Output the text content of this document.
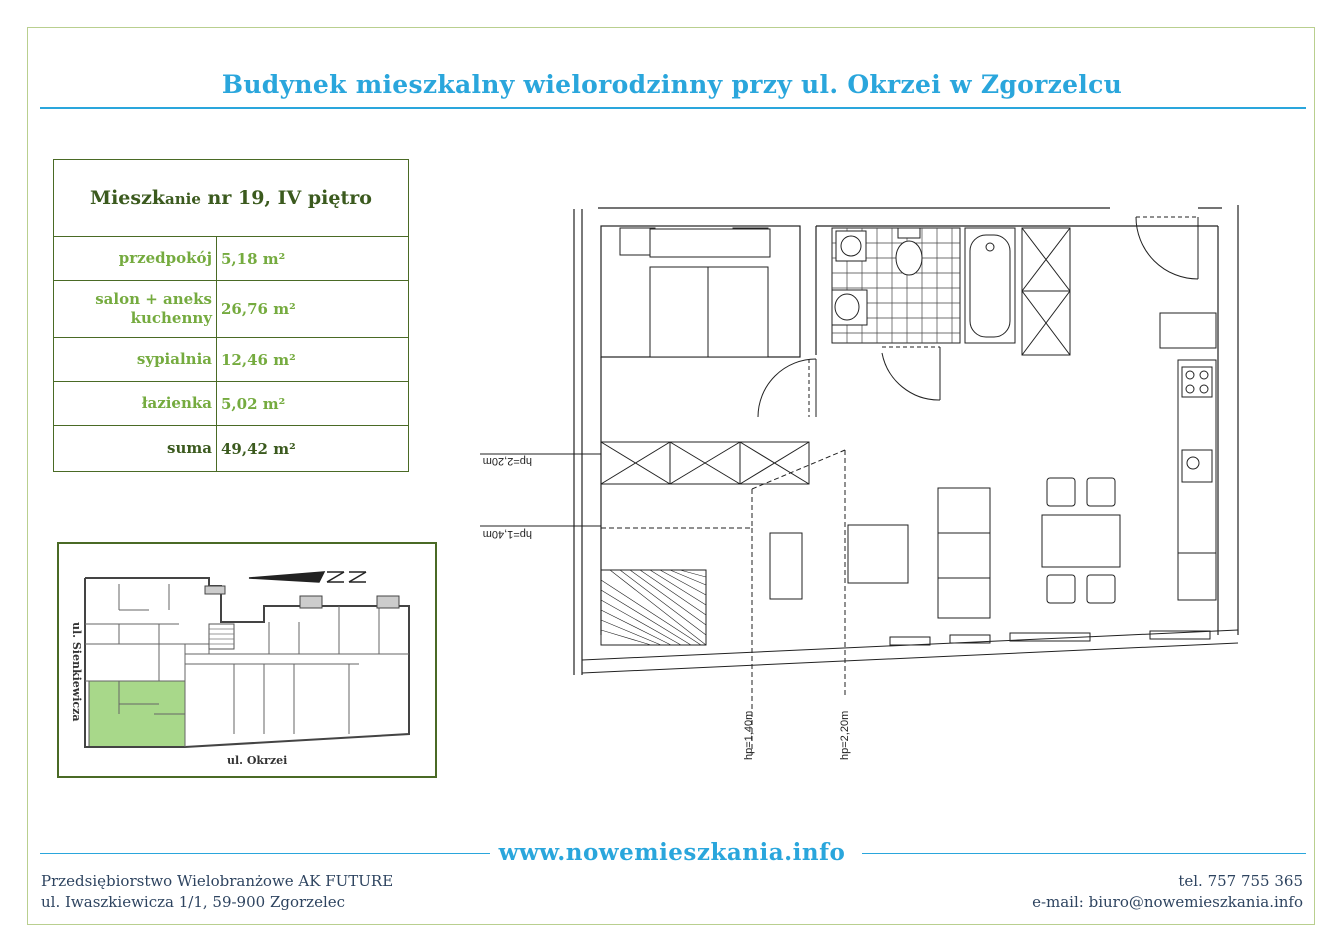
Budynek mieszkalny wielorodzinny przy ul. Okrzei w Zgorzelcu
Mieszkanie nr 19, IV piętro	
przedpokój	5,18 m²
salon + aneks kuchenny	26,76 m²
sypialnia	12,46 m²
łazienka	5,02 m²
suma	49,42 m²
ul. Sienkiewicza
ul. Okrzei
hp=2,20m
hp=1,40m
hp=1,40m	hp=2,20m
www.nowemieszkania.info
Przedsiębiorstwo Wielobranżowe AK FUTURE
ul. Iwaszkiewicza 1/1, 59-900 Zgorzelec
tel. 757 755 365
e-mail: biuro@nowemieszkania.info
